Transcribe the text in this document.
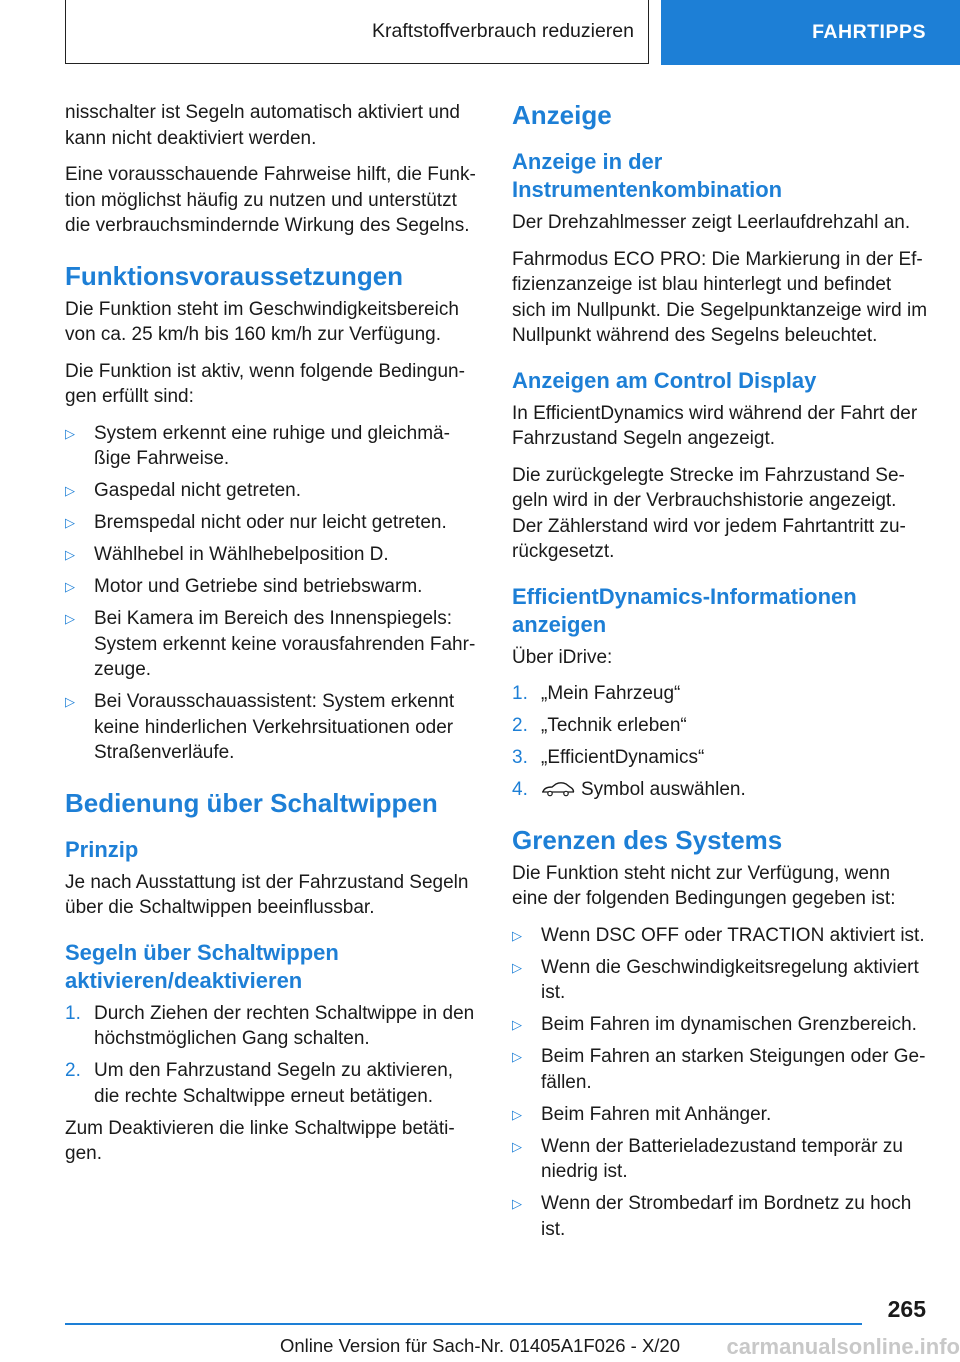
Kraftstoffverbrauch reduzieren	FAHRTIPPS

nisschalter ist Segeln automatisch aktiviert und kann nicht deaktiviert werden.

Eine vorausschauende Fahrweise hilft, die Funktion möglichst häufig zu nutzen und unterstützt die verbrauchsmindernde Wirkung des Segelns.

Funktionsvoraussetzungen

Die Funktion steht im Geschwindigkeitsbereich von ca. 25 km/h bis 160 km/h zur Verfügung.

Die Funktion ist aktiv, wenn folgende Bedingungen erfüllt sind:

▷	System erkennt eine ruhige und gleichmäßige Fahrweise.
▷	Gaspedal nicht getreten.
▷	Bremspedal nicht oder nur leicht getreten.
▷	Wählhebel in Wählhebelposition D.
▷	Motor und Getriebe sind betriebswarm.
▷	Bei Kamera im Bereich des Innenspiegels: System erkennt keine vorausfahrenden Fahrzeuge.
▷	Bei Vorausschauassistent: System erkennt keine hinderlichen Verkehrsituationen oder Straßenverläufe.
Bedienung über Schaltwippen
Prinzip

Je nach Ausstattung ist der Fahrzustand Segeln über die Schaltwippen beeinflussbar.

Segeln über Schaltwippen aktivieren/deaktivieren
1. Durch Ziehen der rechten Schaltwippe in den höchstmöglichen Gang schalten.
2. Um den Fahrzustand Segeln zu aktivieren, die rechte Schaltwippe erneut betätigen.

Zum Deaktivieren die linke Schaltwippe betätigen.

Anzeige
Anzeige in der Instrumentenkombination

Der Drehzahlmesser zeigt Leerlaufdrehzahl an.

Fahrmodus ECO PRO: Die Markierung in der Effizienzanzeige ist blau hinterlegt und befindet sich im Nullpunkt. Die Segelpunktanzeige wird im Nullpunkt während des Segelns beleuchtet.

Anzeigen am Control Display

In EfficientDynamics wird während der Fahrt der Fahrzustand Segeln angezeigt.

Die zurückgelegte Strecke im Fahrzustand Segeln wird in der Verbrauchshistorie angezeigt. Der Zählerstand wird vor jedem Fahrtantritt zurückgesetzt.

EfficientDynamics-Informationen anzeigen

Über iDrive:

1. „Mein Fahrzeug“
2. „Technik erleben“
3. „EfficientDynamics“
4.	Symbol auswählen.
Grenzen des Systems

Die Funktion steht nicht zur Verfügung, wenn eine der folgenden Bedingungen gegeben ist:

▷	Wenn DSC OFF oder TRACTION aktiviert ist.
▷	Wenn die Geschwindigkeitsregelung aktiviert ist.
▷	Beim Fahren im dynamischen Grenzbereich.
▷	Beim Fahren an starken Steigungen oder Gefällen.
▷	Beim Fahren mit Anhänger.
▷	Wenn der Batterieladezustand temporär zu niedrig ist.
▷	Wenn der Strombedarf im Bordnetz zu hoch ist.
265
Online Version für Sach-Nr. 01405A1F026 - X/20	carmanualsonline.info
